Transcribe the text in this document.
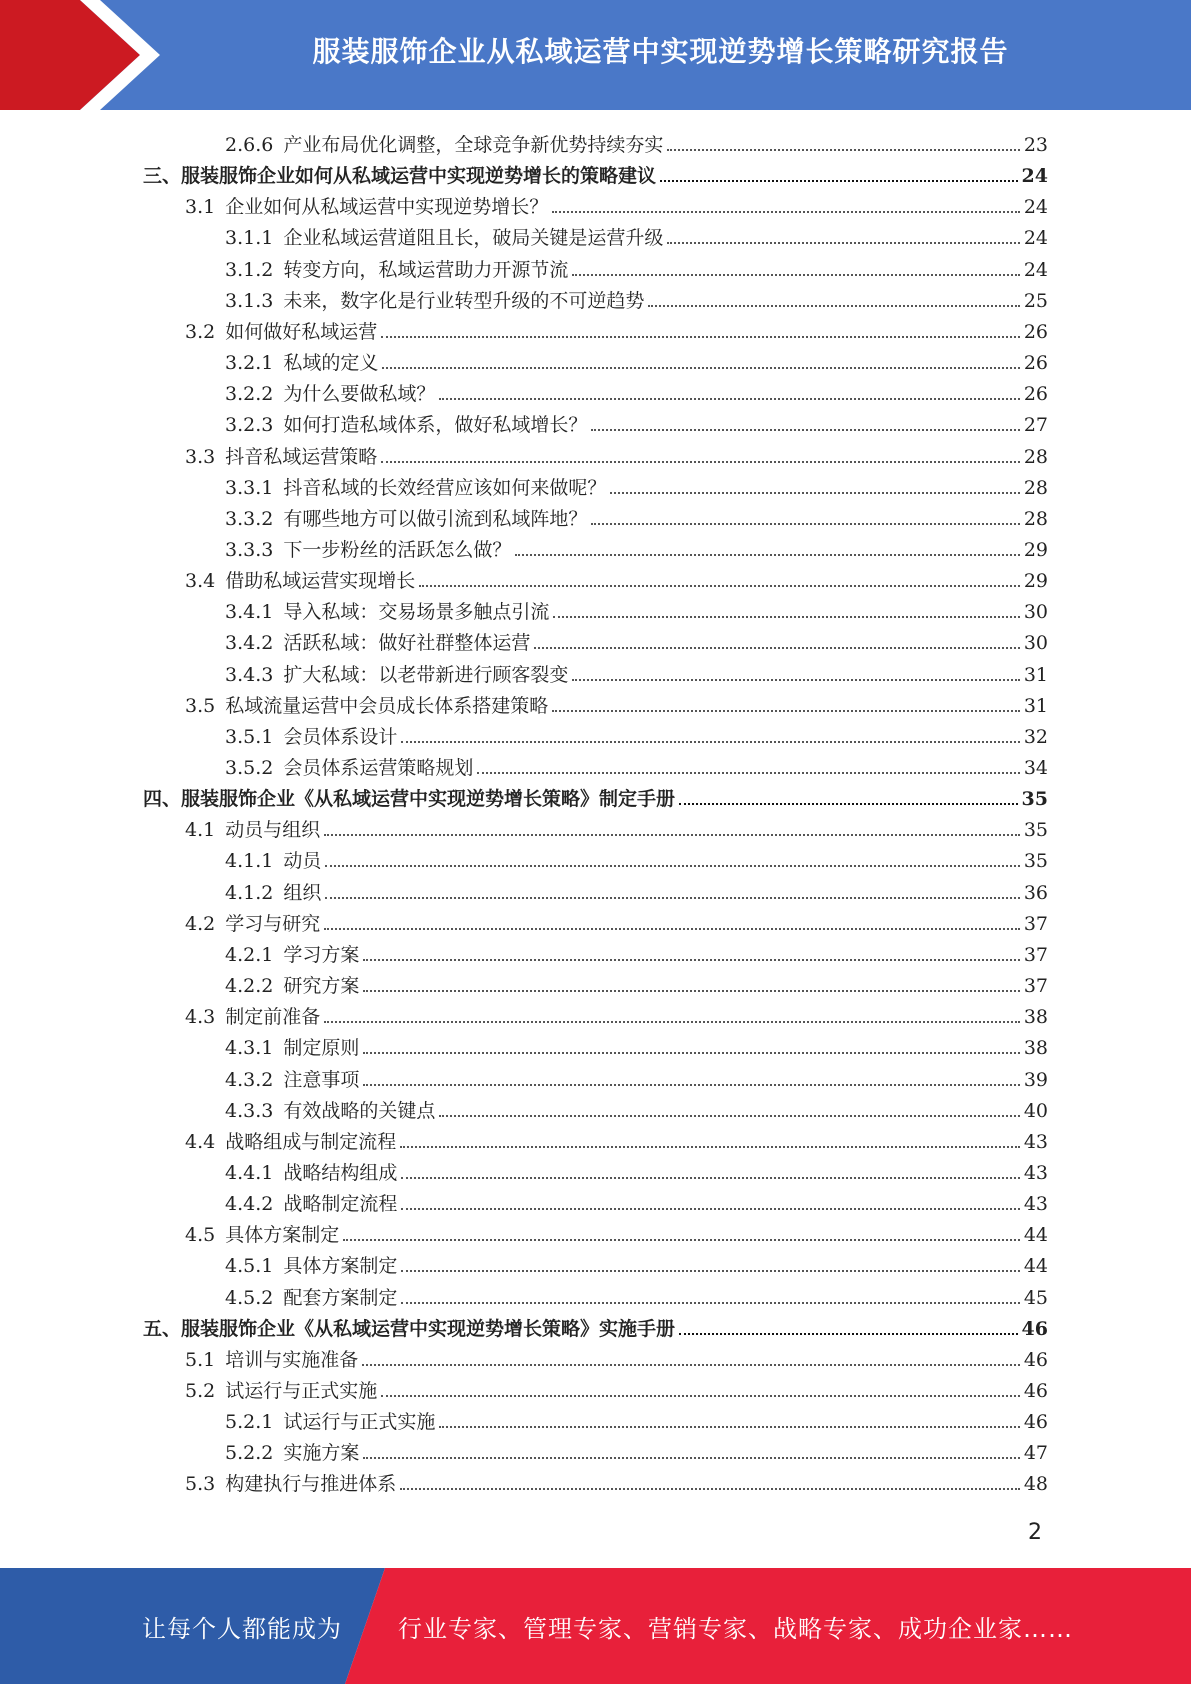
服装服饰企业从私域运营中实现逆势增长策略研究报告
2.6.6 产业布局优化调整，全球竞争新优势持续夯实	23
三、 服装服饰企业如何从私域运营中实现逆势增长的策略建议	24
3.1 企业如何从私域运营中实现逆势增长？	24
3.1.1 企业私域运营道阻且长，破局关键是运营升级	24
3.1.2 转变方向，私域运营助力开源节流	24
3.1.3 未来，数字化是行业转型升级的不可逆趋势	25
3.2 如何做好私域运营	26
3.2.1 私域的定义	26
3.2.2 为什么要做私域？	26
3.2.3 如何打造私域体系，做好私域增长？	27
3.3 抖音私域运营策略	28
3.3.1 抖音私域的长效经营应该如何来做呢？	28
3.3.2 有哪些地方可以做引流到私域阵地？	28
3.3.3 下一步粉丝的活跃怎么做？	29
3.4 借助私域运营实现增长	29
3.4.1 导入私域：交易场景多触点引流	30
3.4.2 活跃私域：做好社群整体运营	30
3.4.3 扩大私域：以老带新进行顾客裂变	31
3.5 私域流量运营中会员成长体系搭建策略	31
3.5.1 会员体系设计	32
3.5.2 会员体系运营策略规划	34
四、 服装服饰企业《从私域运营中实现逆势增长策略》制定手册	35
4.1 动员与组织	35
4.1.1 动员	35
4.1.2 组织	36
4.2 学习与研究	37
4.2.1 学习方案	37
4.2.2 研究方案	37
4.3 制定前准备	38
4.3.1 制定原则	38
4.3.2 注意事项	39
4.3.3 有效战略的关键点	40
4.4 战略组成与制定流程	43
4.4.1 战略结构组成	43
4.4.2 战略制定流程	43
4.5 具体方案制定	44
4.5.1 具体方案制定	44
4.5.2 配套方案制定	45
五、 服装服饰企业《从私域运营中实现逆势增长策略》实施手册	46
5.1 培训与实施准备	46
5.2 试运行与正式实施	46
5.2.1 试运行与正式实施	46
5.2.2 实施方案	47
5.3 构建执行与推进体系	48
2
让每个人都能成为 行业专家、管理专家、营销专家、战略专家、成功企业家……
